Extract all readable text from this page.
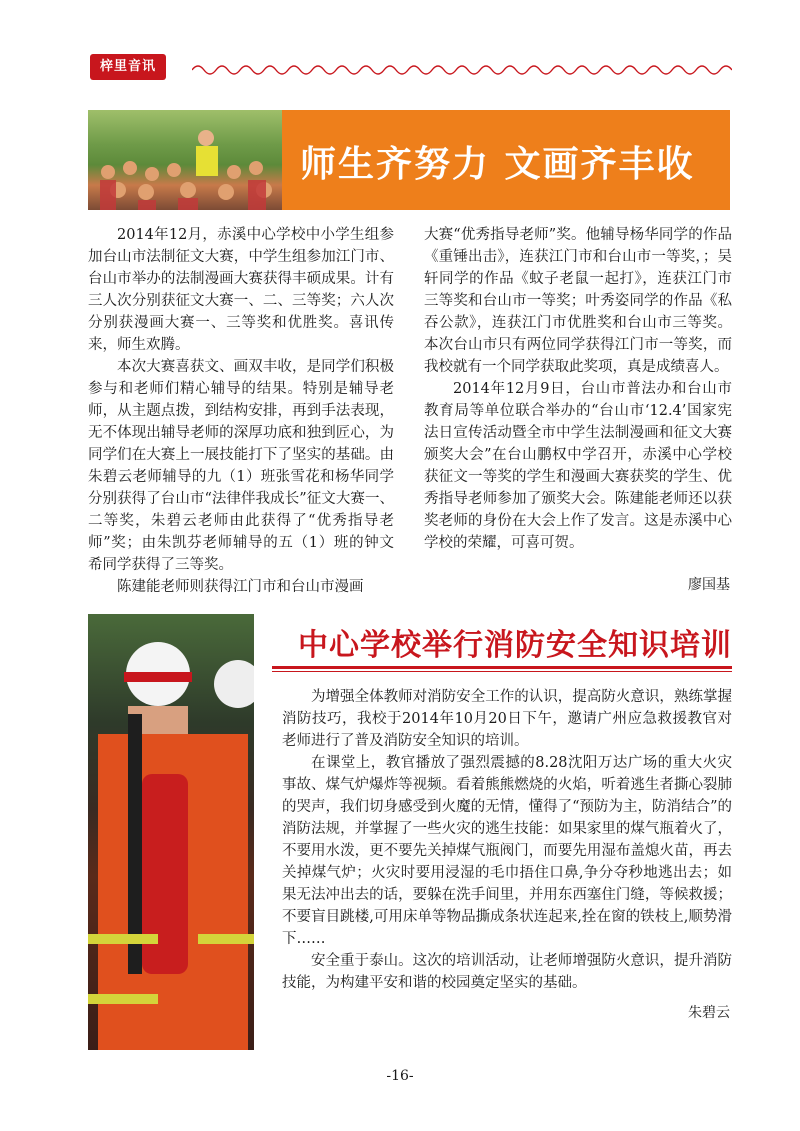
梓里音讯
师生齐努力 文画齐丰收

2014年12月，赤溪中心学校中小学生组参加台山市法制征文大赛，中学生组参加江门市、台山市举办的法制漫画大赛获得丰硕成果。计有三人次分别获征文大赛一、二、三等奖；六人次分别获漫画大赛一、三等奖和优胜奖。喜讯传来，师生欢腾。

本次大赛喜获文、画双丰收，是同学们积极参与和老师们精心辅导的结果。特别是辅导老师，从主题点拨，到结构安排，再到手法表现，无不体现出辅导老师的深厚功底和独到匠心，为同学们在大赛上一展技能打下了坚实的基础。由朱碧云老师辅导的九（1）班张雪花和杨华同学分别获得了台山市“法律伴我成长”征文大赛一、二等奖，朱碧云老师由此获得了“优秀指导老师”奖；由朱凯芬老师辅导的五（1）班的钟文希同学获得了三等奖。

陈建能老师则获得江门市和台山市漫画

大赛“优秀指导老师”奖。他辅导杨华同学的作品《重锤出击》，连获江门市和台山市一等奖，；吴轩同学的作品《蚊子老鼠一起打》，连获江门市三等奖和台山市一等奖；叶秀姿同学的作品《私吞公款》，连获江门市优胜奖和台山市三等奖。本次台山市只有两位同学获得江门市一等奖，而我校就有一个同学获取此奖项，真是成绩喜人。

2014年12月9日，台山市普法办和台山市教育局等单位联合举办的“台山市‘12.4’国家宪法日宣传活动暨全市中学生法制漫画和征文大赛颁奖大会”在台山鹏权中学召开，赤溪中心学校获征文一等奖的学生和漫画大赛获奖的学生、优秀指导老师参加了颁奖大会。陈建能老师还以获奖老师的身份在大会上作了发言。这是赤溪中心学校的荣耀，可喜可贺。

廖国基
中心学校举行消防安全知识培训

为增强全体教师对消防安全工作的认识，提高防火意识，熟练掌握消防技巧，我校于2014年10月20日下午，邀请广州应急救援教官对老师进行了普及消防安全知识的培训。

在课堂上，教官播放了强烈震撼的8.28沈阳万达广场的重大火灾事故、煤气炉爆炸等视频。看着熊熊燃烧的火焰，听着逃生者撕心裂肺的哭声，我们切身感受到火魔的无情，懂得了“预防为主，防消结合”的消防法规，并掌握了一些火灾的逃生技能：如果家里的煤气瓶着火了，不要用水泼，更不要先关掉煤气瓶阀门，而要先用湿布盖熄火苗，再去关掉煤气炉；火灾时要用浸湿的毛巾捂住口鼻,争分夺秒地逃出去；如果无法冲出去的话，要躲在洗手间里，并用东西塞住门缝，等候救援；不要盲目跳楼,可用床单等物品撕成条状连起来,拴在窗的铁枝上,顺势滑下……

安全重于泰山。这次的培训活动，让老师增强防火意识，提升消防技能，为构建平安和谐的校园奠定坚实的基础。

朱碧云
-16-
